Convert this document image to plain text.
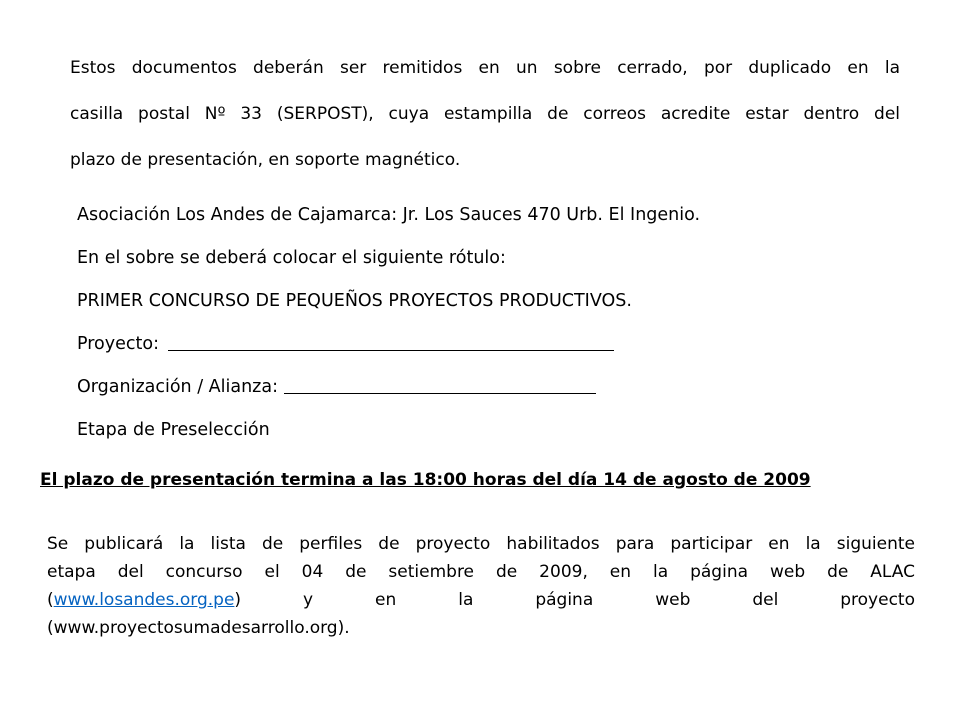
Estos documentos deberán ser remitidos en un sobre cerrado, por duplicado en la
casilla postal Nº 33 (SERPOST), cuya estampilla de correos acredite estar dentro del
plazo de presentación, en soporte magnético.
Asociación Los Andes de Cajamarca: Jr. Los Sauces 470 Urb. El Ingenio.
En el sobre se deberá colocar el siguiente rótulo:
PRIMER CONCURSO DE PEQUEÑOS PROYECTOS PRODUCTIVOS.
Proyecto:
Organización / Alianza:
Etapa de Preselección
El plazo de presentación termina a las 18:00 horas del día 14 de agosto de 2009
Se publicará la lista de perfiles de proyecto habilitados para participar en la siguiente
etapa del concurso el 04 de setiembre de 2009, en la página web de ALAC
(www.losandes.org.pe) y en la página web del proyecto
(www.proyectosumadesarrollo.org).
